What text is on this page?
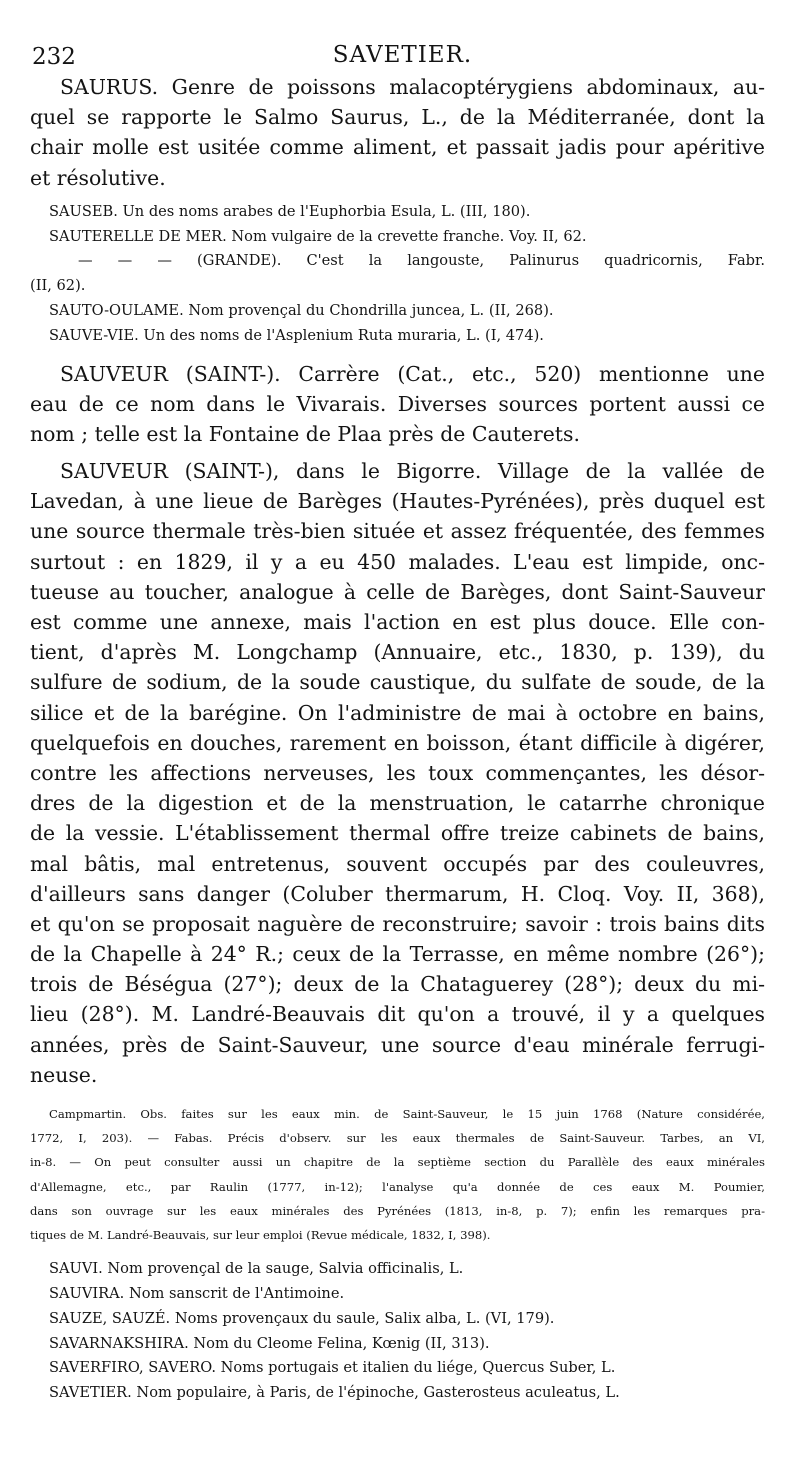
232	SAVETIER.
SAURUS. Genre de poissons malacoptérygiens abdominaux, au-
quel se rapporte le Salmo Saurus, L., de la Méditerranée, dont la
chair molle est usitée comme aliment, et passait jadis pour apéritive
et résolutive.
SAUSEB. Un des noms arabes de l'Euphorbia Esula, L. (III, 180).
SAUTERELLE DE MER. Nom vulgaire de la crevette franche. Voy. II, 62.
— — — (GRANDE). C'est la langouste, Palinurus quadricornis, Fabr.
(II, 62).
SAUTO-OULAME. Nom provençal du Chondrilla juncea, L. (II, 268).
SAUVE-VIE. Un des noms de l'Asplenium Ruta muraria, L. (I, 474).
SAUVEUR (SAINT-). Carrère (Cat., etc., 520) mentionne une
eau de ce nom dans le Vivarais. Diverses sources portent aussi ce
nom ; telle est la Fontaine de Plaa près de Cauterets.
SAUVEUR (SAINT-), dans le Bigorre. Village de la vallée de
Lavedan, à une lieue de Barèges (Hautes-Pyrénées), près duquel est
une source thermale très-bien située et assez fréquentée, des femmes
surtout : en 1829, il y a eu 450 malades. L'eau est limpide, onc-
tueuse au toucher, analogue à celle de Barèges, dont Saint-Sauveur
est comme une annexe, mais l'action en est plus douce. Elle con-
tient, d'après M. Longchamp (Annuaire, etc., 1830, p. 139), du
sulfure de sodium, de la soude caustique, du sulfate de soude, de la
silice et de la barégine. On l'administre de mai à octobre en bains,
quelquefois en douches, rarement en boisson, étant difficile à digérer,
contre les affections nerveuses, les toux commençantes, les désor-
dres de la digestion et de la menstruation, le catarrhe chronique
de la vessie. L'établissement thermal offre treize cabinets de bains,
mal bâtis, mal entretenus, souvent occupés par des couleuvres,
d'ailleurs sans danger (Coluber thermarum, H. Cloq. Voy. II, 368),
et qu'on se proposait naguère de reconstruire; savoir : trois bains dits
de la Chapelle à 24° R.; ceux de la Terrasse, en même nombre (26°);
trois de Béségua (27°); deux de la Chataguerey (28°); deux du mi-
lieu (28°). M. Landré-Beauvais dit qu'on a trouvé, il y a quelques
années, près de Saint-Sauveur, une source d'eau minérale ferrugi-
neuse.
Campmartin. Obs. faites sur les eaux min. de Saint-Sauveur, le 15 juin 1768 (Nature considérée,
1772, I, 203). — Fabas. Précis d'observ. sur les eaux thermales de Saint-Sauveur. Tarbes, an VI,
in-8. — On peut consulter aussi un chapitre de la septième section du Parallèle des eaux minérales
d'Allemagne, etc., par Raulin (1777, in-12); l'analyse qu'a donnée de ces eaux M. Poumier,
dans son ouvrage sur les eaux minérales des Pyrénées (1813, in-8, p. 7); enfin les remarques pra-
tiques de M. Landré-Beauvais, sur leur emploi (Revue médicale, 1832, I, 398).
SAUVI. Nom provençal de la sauge, Salvia officinalis, L.
SAUVIRA. Nom sanscrit de l'Antimoine.
SAUZE, SAUZÉ. Noms provençaux du saule, Salix alba, L. (VI, 179).
SAVARNAKSHIRA. Nom du Cleome Felina, Kœnig (II, 313).
SAVERFIRO, SAVERO. Noms portugais et italien du liége, Quercus Suber, L.
SAVETIER. Nom populaire, à Paris, de l'épinoche, Gasterosteus aculeatus, L.
